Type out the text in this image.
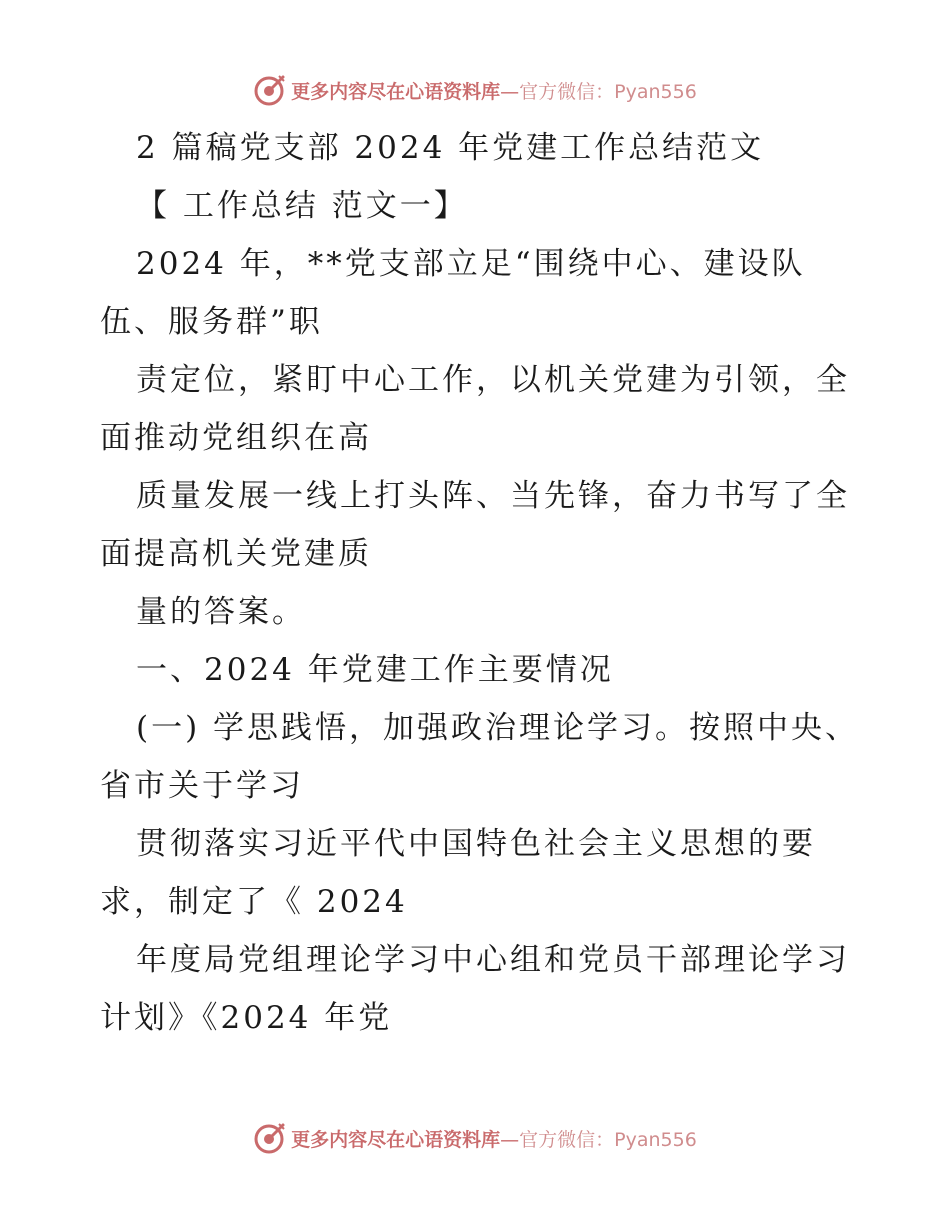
更多内容尽在心语资料库—官方微信：Pyan556
2 篇稿党支部 2024 年党建工作总结范文
【 工作总结 范文一】
2024 年，**党支部立足“围绕中心、建设队
伍、服务群”职
责定位，紧盯中心工作，以机关党建为引领，全
面推动党组织在高
质量发展一线上打头阵、当先锋，奋力书写了全
面提高机关党建质
量的答案。
一、2024 年党建工作主要情况
(一) 学思践悟，加强政治理论学习。按照中央、
省市关于学习
贯彻落实习近平代中国特色社会主义思想的要
求，制定了《 2024
年度局党组理论学习中心组和党员干部理论学习
计划》《2024 年党
更多内容尽在心语资料库—官方微信：Pyan556
